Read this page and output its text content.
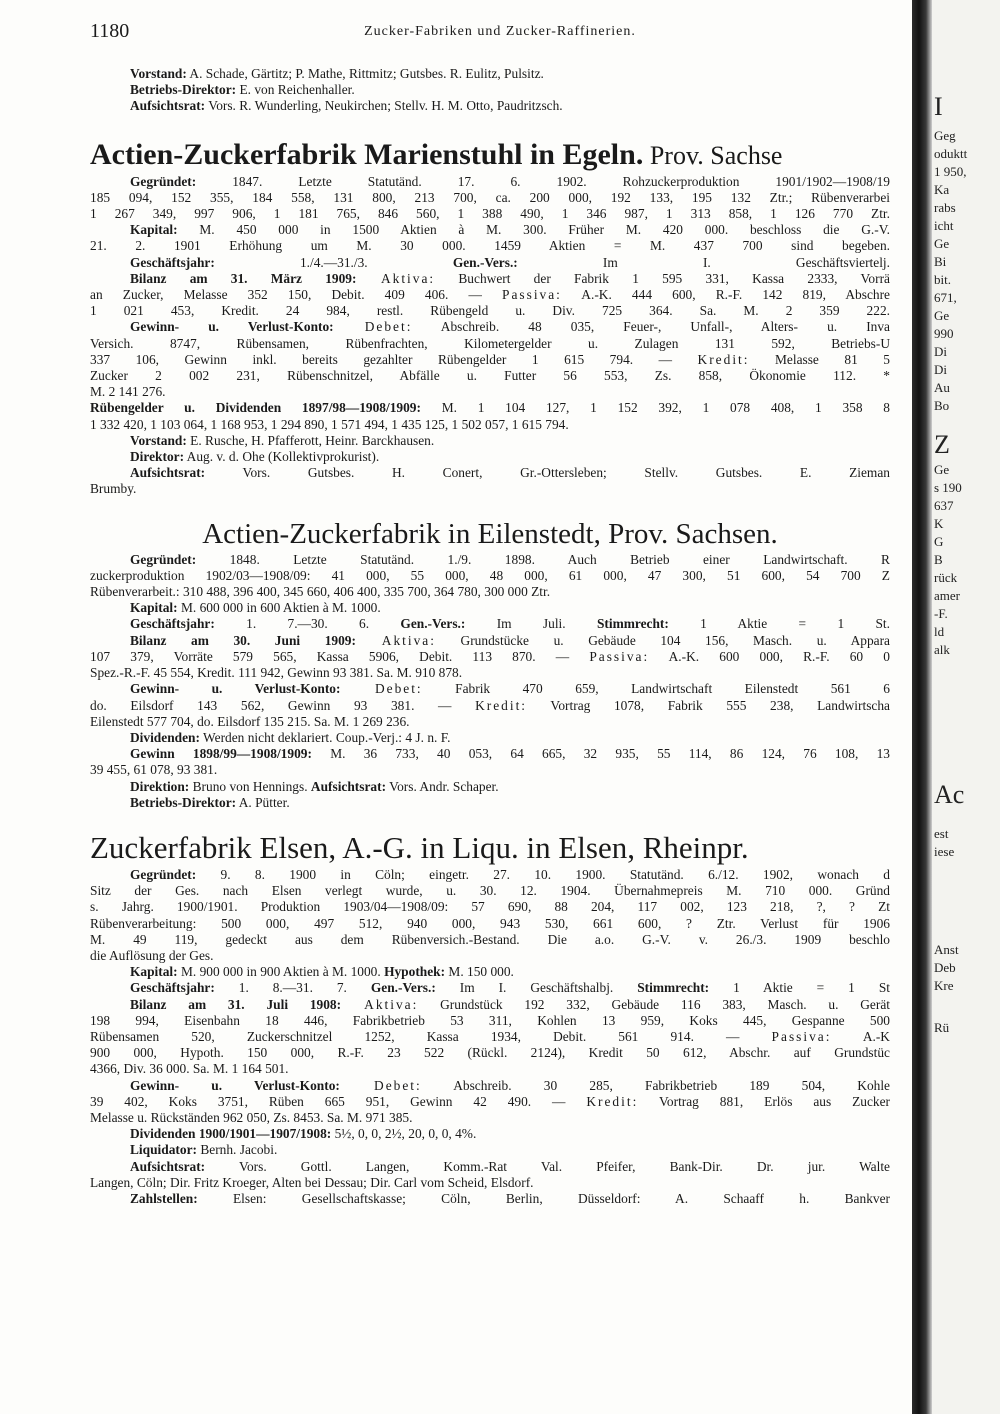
1180	Zucker-Fabriken und Zucker-Raffinerien.
Vorstand: A. Schade, Gärtitz; P. Mathe, Rittmitz; Gutsbes. R. Eulitz, Pulsitz.
Betriebs-Direktor: E. von Reichenhaller.
Aufsichtsrat: Vors. R. Wunderling, Neukirchen; Stellv. H. M. Otto, Paudritzsch.
Actien-Zuckerfabrik Marienstuhl in Egeln. Prov. Sachse
Gegründet: 1847. Letzte Statutänd. 17. 6. 1902. Rohzuckerproduktion 1901/1902—1908/19
185 094, 152 355, 184 558, 131 800, 213 700, ca. 200 000, 192 133, 195 132 Ztr.; Rübenverarbei
1 267 349, 997 906, 1 181 765, 846 560, 1 388 490, 1 346 987, 1 313 858, 1 126 770 Ztr.
Kapital: M. 450 000 in 1500 Aktien à M. 300. Früher M. 420 000. beschloss die G.-V.
21. 2. 1901 Erhöhung um M. 30 000. 1459 Aktien = M. 437 700 sind begeben.
Geschäftsjahr: 1./4.—31./3. Gen.-Vers.: Im I. Geschäftsviertelj.
Bilanz am 31. März 1909: Aktiva: Buchwert der Fabrik 1 595 331, Kassa 2333, Vorrä
an Zucker, Melasse 352 150, Debit. 409 406. — Passiva: A.-K. 444 600, R.-F. 142 819, Abschre
1 021 453, Kredit. 24 984, restl. Rübengeld u. Div. 725 364. Sa. M. 2 359 222.
Gewinn- u. Verlust-Konto: Debet: Abschreib. 48 035, Feuer-, Unfall-, Alters- u. Inva
Versich. 8747, Rübensamen, Rübenfrachten, Kilometergelder u. Zulagen 131 592, Betriebs-U
337 106, Gewinn inkl. bereits gezahlter Rübengelder 1 615 794. — Kredit: Melasse 81 5
Zucker 2 002 231, Rübenschnitzel, Abfälle u. Futter 56 553, Zs. 858, Ökonomie 112. *
M. 2 141 276.
Rübengelder u. Dividenden 1897/98—1908/1909: M. 1 104 127, 1 152 392, 1 078 408, 1 358 8
1 332 420, 1 103 064, 1 168 953, 1 294 890, 1 571 494, 1 435 125, 1 502 057, 1 615 794.
Vorstand: E. Rusche, H. Pfafferott, Heinr. Barckhausen.
Direktor: Aug. v. d. Ohe (Kollektivprokurist).
Aufsichtsrat: Vors. Gutsbes. H. Conert, Gr.-Ottersleben; Stellv. Gutsbes. E. Zieman
Brumby.
Actien-Zuckerfabrik in Eilenstedt, Prov. Sachsen.
Gegründet: 1848. Letzte Statutänd. 1./9. 1898. Auch Betrieb einer Landwirtschaft. R
zuckerproduktion 1902/03—1908/09: 41 000, 55 000, 48 000, 61 000, 47 300, 51 600, 54 700 Z
Rübenverarbeit.: 310 488, 396 400, 345 660, 406 400, 335 700, 364 780, 300 000 Ztr.
Kapital: M. 600 000 in 600 Aktien à M. 1000.
Geschäftsjahr: 1. 7.—30. 6. Gen.-Vers.: Im Juli. Stimmrecht: 1 Aktie = 1 St.
Bilanz am 30. Juni 1909: Aktiva: Grundstücke u. Gebäude 104 156, Masch. u. Appara
107 379, Vorräte 579 565, Kassa 5906, Debit. 113 870. — Passiva: A.-K. 600 000, R.-F. 60 0
Spez.-R.-F. 45 554, Kredit. 111 942, Gewinn 93 381. Sa. M. 910 878.
Gewinn- u. Verlust-Konto: Debet: Fabrik 470 659, Landwirtschaft Eilenstedt 561 6
do. Eilsdorf 143 562, Gewinn 93 381. — Kredit: Vortrag 1078, Fabrik 555 238, Landwirtscha
Eilenstedt 577 704, do. Eilsdorf 135 215. Sa. M. 1 269 236.
Dividenden: Werden nicht deklariert. Coup.-Verj.: 4 J. n. F.
Gewinn 1898/99—1908/1909: M. 36 733, 40 053, 64 665, 32 935, 55 114, 86 124, 76 108, 13
39 455, 61 078, 93 381.
Direktion: Bruno von Hennings. Aufsichtsrat: Vors. Andr. Schaper.
Betriebs-Direktor: A. Pütter.
Zuckerfabrik Elsen, A.-G. in Liqu. in Elsen, Rheinpr.
Gegründet: 9. 8. 1900 in Cöln; eingetr. 27. 10. 1900. Statutänd. 6./12. 1902, wonach d
Sitz der Ges. nach Elsen verlegt wurde, u. 30. 12. 1904. Übernahmepreis M. 710 000. Gründ
s. Jahrg. 1900/1901. Produktion 1903/04—1908/09: 57 690, 88 204, 117 002, 123 218, ?, ? Zt
Rübenverarbeitung: 500 000, 497 512, 940 000, 943 530, 661 600, ? Ztr. Verlust für 1906
M. 49 119, gedeckt aus dem Rübenversich.-Bestand. Die a.o. G.-V. v. 26./3. 1909 beschlo
die Auflösung der Ges.
Kapital: M. 900 000 in 900 Aktien à M. 1000. Hypothek: M. 150 000.
Geschäftsjahr: 1. 8.—31. 7. Gen.-Vers.: Im I. Geschäftshalbj. Stimmrecht: 1 Aktie = 1 St
Bilanz am 31. Juli 1908: Aktiva: Grundstück 192 332, Gebäude 116 383, Masch. u. Gerät
198 994, Eisenbahn 18 446, Fabrikbetrieb 53 311, Kohlen 13 959, Koks 445, Gespanne 500
Rübensamen 520, Zuckerschnitzel 1252, Kassa 1934, Debit. 561 914. — Passiva: A.-K
900 000, Hypoth. 150 000, R.-F. 23 522 (Rückl. 2124), Kredit 50 612, Abschr. auf Grundstüc
4366, Div. 36 000. Sa. M. 1 164 501.
Gewinn- u. Verlust-Konto: Debet: Abschreib. 30 285, Fabrikbetrieb 189 504, Kohle
39 402, Koks 3751, Rüben 665 951, Gewinn 42 490. — Kredit: Vortrag 881, Erlös aus Zucker
Melasse u. Rückständen 962 050, Zs. 8453. Sa. M. 971 385.
Dividenden 1900/1901—1907/1908: 5½, 0, 0, 2½, 20, 0, 0, 4%.
Liquidator: Bernh. Jacobi.
Aufsichtsrat: Vors. Gottl. Langen, Komm.-Rat Val. Pfeifer, Bank-Dir. Dr. jur. Walte
Langen, Cöln; Dir. Fritz Kroeger, Alten bei Dessau; Dir. Carl vom Scheid, Elsdorf.
Zahlstellen: Elsen: Gesellschaftskasse; Cöln, Berlin, Düsseldorf: A. Schaaff h. Bankver
I
Geg
oduktt
1 950,
Ka
rabs
icht
Ge
Bi
bit.
671,
Ge
990
Di
Di
Au
Bo
Z
Ge
s 190
637
K
G
B
rück
amer
-F.
ld
alk
Ac
est
iese
Anst
Deb
Kre
Rü
